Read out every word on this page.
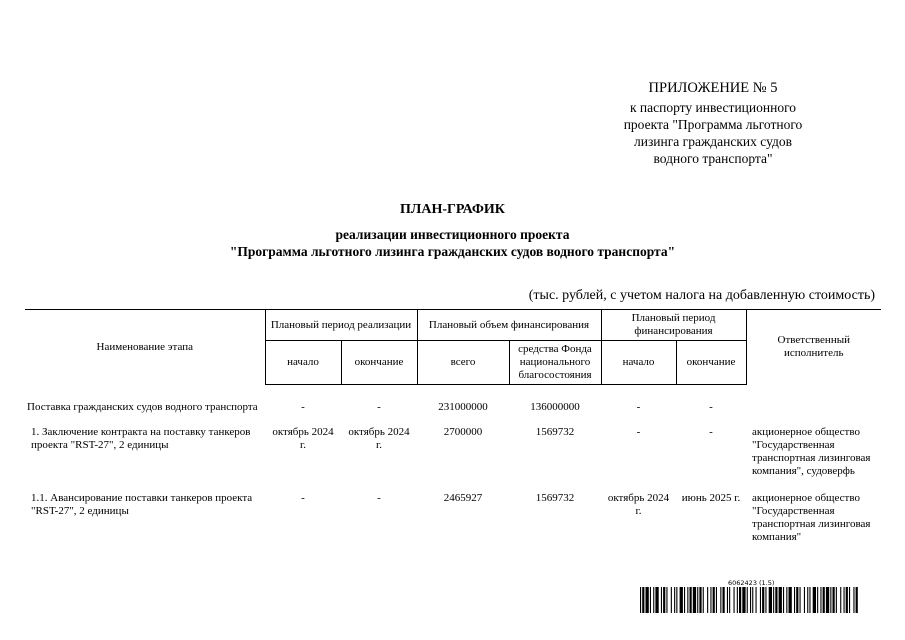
ПРИЛОЖЕНИЕ № 5
к паспорту инвестиционного
проекта "Программа льготного
лизинга гражданских судов
водного транспорта"
ПЛАН-ГРАФИК
реализации инвестиционного проекта
"Программа льготного лизинга гражданских судов водного транспорта"
(тыс. рублей, с учетом налога на добавленную стоимость)
Наименование этапа	Плановый период реализации		Плановый объем финансирования		Плановый период финансирования		Ответственный исполнитель
	начало	окончание	всего	средства Фонда национального благосостояния	начало	окончание	

Поставка гражданских судов водного транспорта	-	-	231000000	136000000	-	-	

1. Заключение контракта на поставку танкеров проекта "RST-27", 2 единицы	октябрь 2024 г.	октябрь 2024 г.	2700000	1569732	-	-	акционерное общество "Государственная транспортная лизинговая компания", судоверфь

1.1. Авансирование поставки танкеров проекта "RST-27", 2 единицы	-	-	2465927	1569732	октябрь 2024 г.	июнь 2025 г.	акционерное общество "Государственная транспортная лизинговая компания"
6062423 (1.5)
